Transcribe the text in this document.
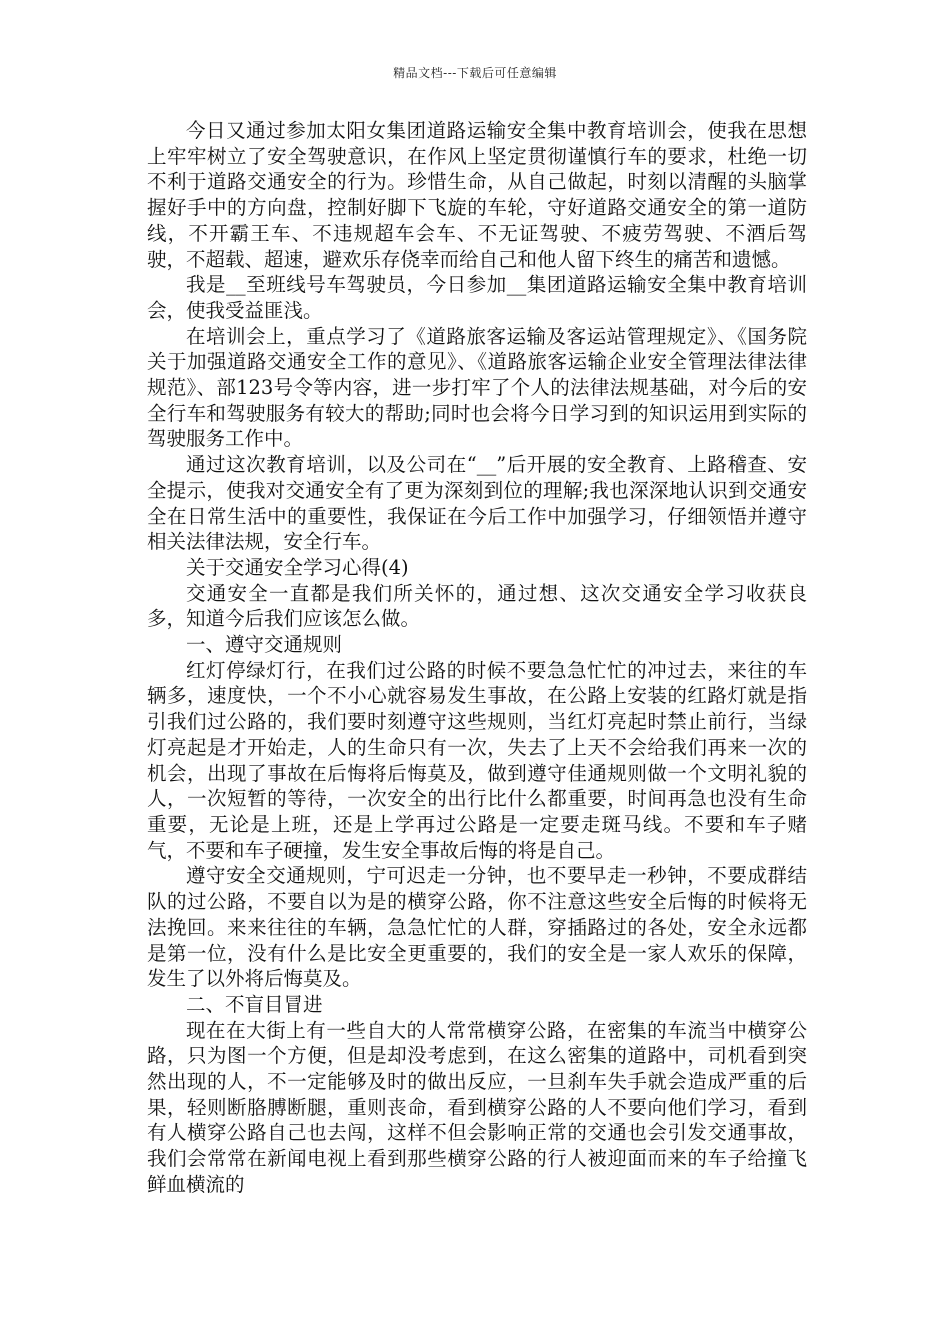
精品文档---下载后可任意编辑

今日又通过参加太阳女集团道路运输安全集中教育培训会，使我在思想上牢牢树立了安全驾驶意识，在作风上坚定贯彻谨慎行车的要求，杜绝一切不利于道路交通安全的行为。珍惜生命，从自己做起，时刻以清醒的头脑掌握好手中的方向盘，控制好脚下飞旋的车轮，守好道路交通安全的第一道防线，不开霸王车、不违规超车会车、不无证驾驶、不疲劳驾驶、不酒后驾驶，不超载、超速，避欢乐存侥幸而给自己和他人留下终生的痛苦和遗憾。

我是__至班线号车驾驶员，今日参加__集团道路运输安全集中教育培训会，使我受益匪浅。

在培训会上，重点学习了《道路旅客运输及客运站管理规定》、《国务院关于加强道路交通安全工作的意见》、《道路旅客运输企业安全管理法律法律规范》、部123号令等内容，进一步打牢了个人的法律法规基础，对今后的安全行车和驾驶服务有较大的帮助;同时也会将今日学习到的知识运用到实际的驾驶服务工作中。

通过这次教育培训，以及公司在“__”后开展的安全教育、上路稽查、安全提示，使我对交通安全有了更为深刻到位的理解;我也深深地认识到交通安全在日常生活中的重要性，我保证在今后工作中加强学习，仔细领悟并遵守相关法律法规，安全行车。

关于交通安全学习心得(4)

交通安全一直都是我们所关怀的，通过想、这次交通安全学习收获良多，知道今后我们应该怎么做。

一、遵守交通规则

红灯停绿灯行，在我们过公路的时候不要急急忙忙的冲过去，来往的车辆多，速度快，一个不小心就容易发生事故，在公路上安装的红路灯就是指引我们过公路的，我们要时刻遵守这些规则，当红灯亮起时禁止前行，当绿灯亮起是才开始走，人的生命只有一次，失去了上天不会给我们再来一次的机会，出现了事故在后悔将后悔莫及，做到遵守佳通规则做一个文明礼貌的人，一次短暂的等待，一次安全的出行比什么都重要，时间再急也没有生命重要，无论是上班，还是上学再过公路是一定要走斑马线。不要和车子赌气，不要和车子硬撞，发生安全事故后悔的将是自己。

遵守安全交通规则，宁可迟走一分钟，也不要早走一秒钟，不要成群结队的过公路，不要自以为是的横穿公路，你不注意这些安全后悔的时候将无法挽回。来来往往的车辆，急急忙忙的人群，穿插路过的各处，安全永远都是第一位，没有什么是比安全更重要的，我们的安全是一家人欢乐的保障，发生了以外将后悔莫及。

二、不盲目冒进

现在在大街上有一些自大的人常常横穿公路，在密集的车流当中横穿公路，只为图一个方便，但是却没考虑到，在这么密集的道路中，司机看到突然出现的人，不一定能够及时的做出反应，一旦刹车失手就会造成严重的后果，轻则断胳膊断腿，重则丧命，看到横穿公路的人不要向他们学习，看到有人横穿公路自己也去闯，这样不但会影响正常的交通也会引发交通事故，我们会常常在新闻电视上看到那些横穿公路的行人被迎面而来的车子给撞飞鲜血横流的
